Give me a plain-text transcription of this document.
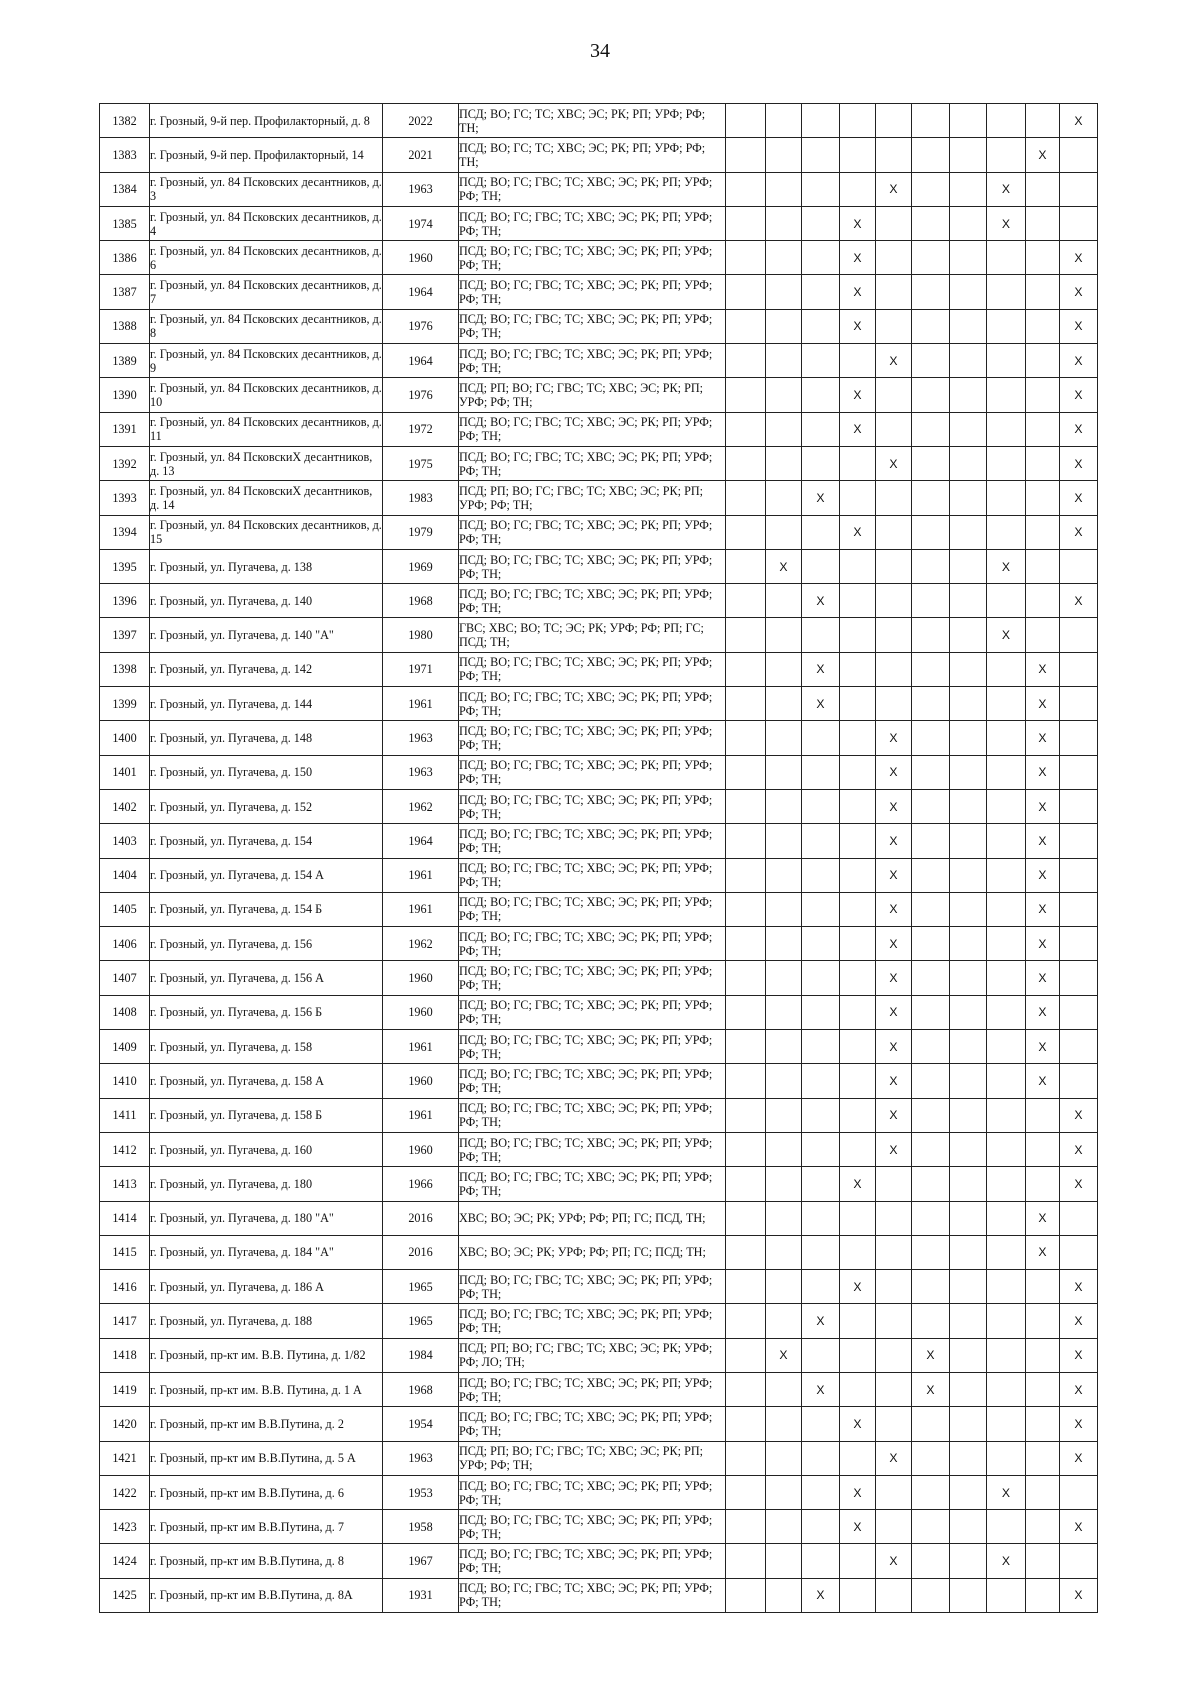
34
1382	г. Грозный, 9-й пер. Профилакторный, д. 8	2022	ПСД; ВО; ГС; ТС; ХВС; ЭС; РК; РП; УРФ; РФ; ТН;										X
1383	г. Грозный, 9-й пер. Профилакторный, 14	2021	ПСД; ВО; ГС; ТС; ХВС; ЭС; РК; РП; УРФ; РФ; ТН;									X	
1384	г. Грозный, ул. 84 Псковских десантников, д. 3	1963	ПСД; ВО; ГС; ГВС; ТС; ХВС; ЭС; РК; РП; УРФ; РФ; ТН;					X			X		
1385	г. Грозный, ул. 84 Псковских десантников, д. 4	1974	ПСД; ВО; ГС; ГВС; ТС; ХВС; ЭС; РК; РП; УРФ; РФ; ТН;				X				X		
1386	г. Грозный, ул. 84 Псковских десантников, д. 6	1960	ПСД; ВО; ГС; ГВС; ТС; ХВС; ЭС; РК; РП; УРФ; РФ; ТН;				X						X
1387	г. Грозный, ул. 84 Псковских десантников, д. 7	1964	ПСД; ВО; ГС; ГВС; ТС; ХВС; ЭС; РК; РП; УРФ; РФ; ТН;				X						X
1388	г. Грозный, ул. 84 Псковских десантников, д. 8	1976	ПСД; ВО; ГС; ГВС; ТС; ХВС; ЭС; РК; РП; УРФ; РФ; ТН;				X						X
1389	г. Грозный, ул. 84 Псковских десантников, д. 9	1964	ПСД; ВО; ГС; ГВС; ТС; ХВС; ЭС; РК; РП; УРФ; РФ; ТН;					X					X
1390	г. Грозный, ул. 84 Псковских десантников, д. 10	1976	ПСД; РП; ВО; ГС; ГВС; ТС; ХВС; ЭС; РК; РП; УРФ; РФ; ТН;				X						X
1391	г. Грозный, ул. 84 Псковских десантников, д. 11	1972	ПСД; ВО; ГС; ГВС; ТС; ХВС; ЭС; РК; РП; УРФ; РФ; ТН;				X						X
1392	г. Грозный, ул. 84 ПсковскиХ десантников, д. 13	1975	ПСД; ВО; ГС; ГВС; ТС; ХВС; ЭС; РК; РП; УРФ; РФ; ТН;					X					X
1393	г. Грозный, ул. 84 ПсковскиХ десантников, д. 14	1983	ПСД; РП; ВО; ГС; ГВС; ТС; ХВС; ЭС; РК; РП; УРФ; РФ; ТН;			X							X
1394	г. Грозный, ул. 84 Псковских десантников, д. 15	1979	ПСД; ВО; ГС; ГВС; ТС; ХВС; ЭС; РК; РП; УРФ; РФ; ТН;				X						X
1395	г. Грозный, ул. Пугачева, д. 138	1969	ПСД; ВО; ГС; ГВС; ТС; ХВС; ЭС; РК; РП; УРФ; РФ; ТН;		X						X		
1396	г. Грозный, ул. Пугачева, д. 140	1968	ПСД; ВО; ГС; ГВС; ТС; ХВС; ЭС; РК; РП; УРФ; РФ; ТН;			X							X
1397	г. Грозный, ул. Пугачева, д. 140 "А"	1980	ГВС; ХВС; ВО; ТС; ЭС; РК; УРФ; РФ; РП; ГС; ПСД; ТН;								X		
1398	г. Грозный, ул. Пугачева, д. 142	1971	ПСД; ВО; ГС; ГВС; ТС; ХВС; ЭС; РК; РП; УРФ; РФ; ТН;			X						X	
1399	г. Грозный, ул. Пугачева, д. 144	1961	ПСД; ВО; ГС; ГВС; ТС; ХВС; ЭС; РК; РП; УРФ; РФ; ТН;			X						X	
1400	г. Грозный, ул. Пугачева, д. 148	1963	ПСД; ВО; ГС; ГВС; ТС; ХВС; ЭС; РК; РП; УРФ; РФ; ТН;					X				X	
1401	г. Грозный, ул. Пугачева, д. 150	1963	ПСД; ВО; ГС; ГВС; ТС; ХВС; ЭС; РК; РП; УРФ; РФ; ТН;					X				X	
1402	г. Грозный, ул. Пугачева, д. 152	1962	ПСД; ВО; ГС; ГВС; ТС; ХВС; ЭС; РК; РП; УРФ; РФ; ТН;					X				X	
1403	г. Грозный, ул. Пугачева, д. 154	1964	ПСД; ВО; ГС; ГВС; ТС; ХВС; ЭС; РК; РП; УРФ; РФ; ТН;					X				X	
1404	г. Грозный, ул. Пугачева, д. 154 А	1961	ПСД; ВО; ГС; ГВС; ТС; ХВС; ЭС; РК; РП; УРФ; РФ; ТН;					X				X	
1405	г. Грозный, ул. Пугачева, д. 154 Б	1961	ПСД; ВО; ГС; ГВС; ТС; ХВС; ЭС; РК; РП; УРФ; РФ; ТН;					X				X	
1406	г. Грозный, ул. Пугачева, д. 156	1962	ПСД; ВО; ГС; ГВС; ТС; ХВС; ЭС; РК; РП; УРФ; РФ; ТН;					X				X	
1407	г. Грозный, ул. Пугачева, д. 156 А	1960	ПСД; ВО; ГС; ГВС; ТС; ХВС; ЭС; РК; РП; УРФ; РФ; ТН;					X				X	
1408	г. Грозный, ул. Пугачева, д. 156 Б	1960	ПСД; ВО; ГС; ГВС; ТС; ХВС; ЭС; РК; РП; УРФ; РФ; ТН;					X				X	
1409	г. Грозный, ул. Пугачева, д. 158	1961	ПСД; ВО; ГС; ГВС; ТС; ХВС; ЭС; РК; РП; УРФ; РФ; ТН;					X				X	
1410	г. Грозный, ул. Пугачева, д. 158 А	1960	ПСД; ВО; ГС; ГВС; ТС; ХВС; ЭС; РК; РП; УРФ; РФ; ТН;					X				X	
1411	г. Грозный, ул. Пугачева, д. 158 Б	1961	ПСД; ВО; ГС; ГВС; ТС; ХВС; ЭС; РК; РП; УРФ; РФ; ТН;					X					X
1412	г. Грозный, ул. Пугачева, д. 160	1960	ПСД; ВО; ГС; ГВС; ТС; ХВС; ЭС; РК; РП; УРФ; РФ; ТН;					X					X
1413	г. Грозный, ул. Пугачева, д. 180	1966	ПСД; ВО; ГС; ГВС; ТС; ХВС; ЭС; РК; РП; УРФ; РФ; ТН;				X						X
1414	г. Грозный, ул. Пугачева, д. 180 "А"	2016	ХВС; ВО; ЭС; РК; УРФ; РФ; РП; ГС; ПСД, ТН;									X	
1415	г. Грозный, ул. Пугачева, д. 184 "А"	2016	ХВС; ВО; ЭС; РК; УРФ; РФ; РП; ГС; ПСД; ТН;									X	
1416	г. Грозный, ул. Пугачева, д. 186 А	1965	ПСД; ВО; ГС; ГВС; ТС; ХВС; ЭС; РК; РП; УРФ; РФ; ТН;				X						X
1417	г. Грозный, ул. Пугачева, д. 188	1965	ПСД; ВО; ГС; ГВС; ТС; ХВС; ЭС; РК; РП; УРФ; РФ; ТН;			X							X
1418	г. Грозный, пр-кт им. В.В. Путина, д. 1/82	1984	ПСД; РП; ВО; ГС; ГВС; ТС; ХВС; ЭС; РК; УРФ; РФ; ЛО; ТН;		X				X				X
1419	г. Грозный, пр-кт им. В.В. Путина, д. 1 А	1968	ПСД; ВО; ГС; ГВС; ТС; ХВС; ЭС; РК; РП; УРФ; РФ; ТН;			X			X				X
1420	г. Грозный, пр-кт им В.В.Путина, д. 2	1954	ПСД; ВО; ГС; ГВС; ТС; ХВС; ЭС; РК; РП; УРФ; РФ; ТН;				X						X
1421	г. Грозный, пр-кт им В.В.Путина, д. 5 А	1963	ПСД; РП; ВО; ГС; ГВС; ТС; ХВС; ЭС; РК; РП; УРФ; РФ; ТН;					X					X
1422	г. Грозный, пр-кт им В.В.Путина, д. 6	1953	ПСД; ВО; ГС; ГВС; ТС; ХВС; ЭС; РК; РП; УРФ; РФ; ТН;				X				X		
1423	г. Грозный, пр-кт им В.В.Путина, д. 7	1958	ПСД; ВО; ГС; ГВС; ТС; ХВС; ЭС; РК; РП; УРФ; РФ; ТН;				X						X
1424	г. Грозный, пр-кт им В.В.Путина, д. 8	1967	ПСД; ВО; ГС; ГВС; ТС; ХВС; ЭС; РК; РП; УРФ; РФ; ТН;					X			X		
1425	г. Грозный, пр-кт им В.В.Путина, д. 8А	1931	ПСД; ВО; ГС; ГВС; ТС; ХВС; ЭС; РК; РП; УРФ; РФ; ТН;			X							X
